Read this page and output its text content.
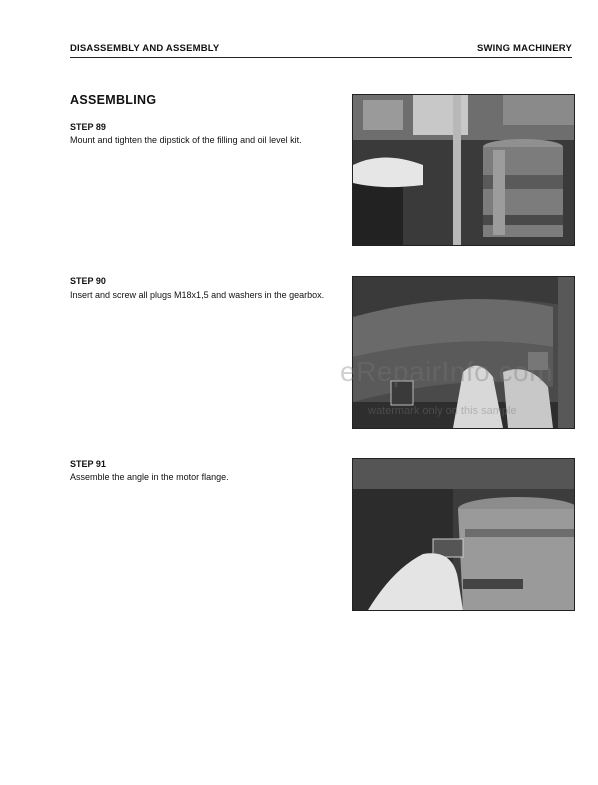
DISASSEMBLY AND ASSEMBLY	SWING MACHINERY
ASSEMBLING
STEP 89
Mount and tighten the dipstick of the filling and oil level kit.
STEP 90
Insert and screw all plugs M18x1,5 and washers in the gearbox.
STEP 91
Assemble the angle in the motor flange.
eRepairInfo.com
watermark only on this sample
